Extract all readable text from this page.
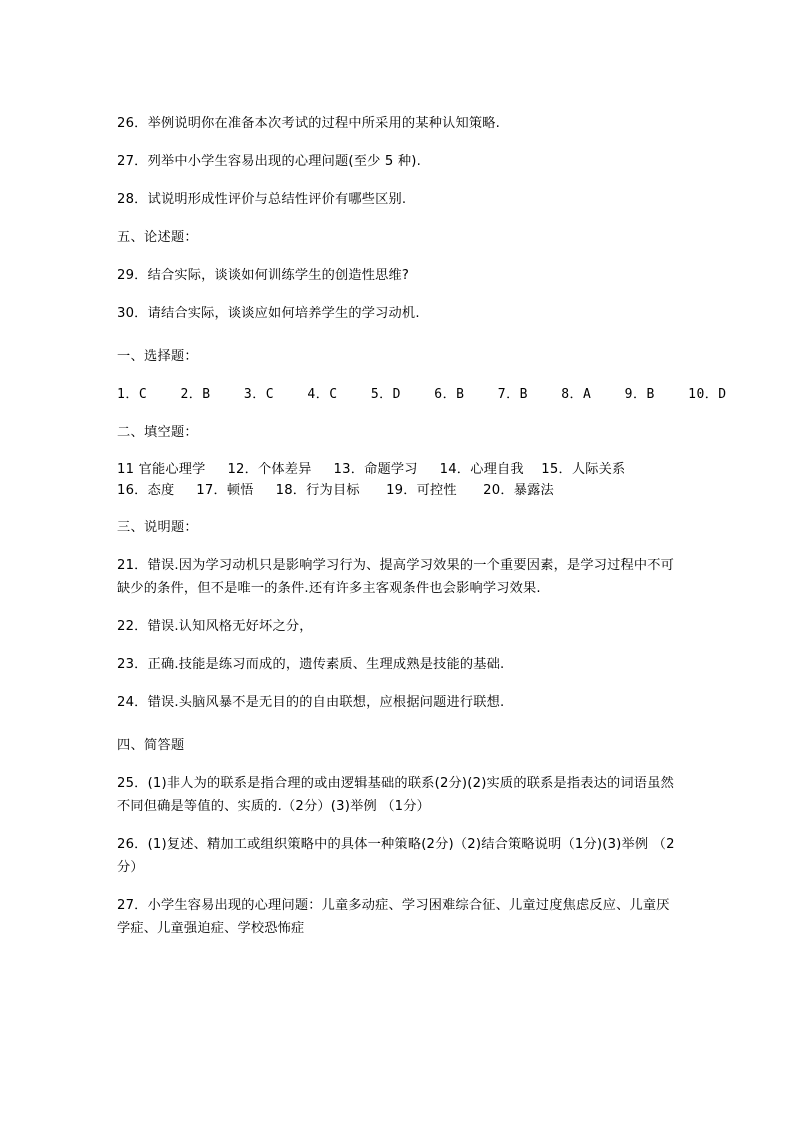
26．举例说明你在准备本次考试的过程中所采用的某种认知策略.

27．列举中小学生容易出现的心理问题(至少 5 种).

28．试说明形成性评价与总结性评价有哪些区别.

五、论述题：

29．结合实际，谈谈如何训练学生的创造性思维?

30．请结合实际，谈谈应如何培养学生的学习动机.

一、选择题：

1．C    2．B    3．C    4．C    5．D    6．B    7．B    8．A    9．B    10．D

二、填空题：

11 官能心理学     12．个体差异     13．命题学习     14．心理自我    15．人际关系
16．态度     17．顿悟     18．行为目标      19．可控性      20．暴露法

三、说明题：

21．错误.因为学习动机只是影响学习行为、提高学习效果的一个重要因素，是学习过程中不可缺少的条件，但不是唯一的条件.还有许多主客观条件也会影响学习效果.

22．错误.认知风格无好坏之分，

23．正确.技能是练习而成的，遗传素质、生理成熟是技能的基础.

24．错误.头脑风暴不是无目的的自由联想，应根据问题进行联想.

四、简答题

25．(1)非人为的联系是指合理的或由逻辑基础的联系(2分)(2)实质的联系是指表达的词语虽然不同但确是等值的、实质的.（2分）(3)举例 （1分）

26．(1)复述、精加工或组织策略中的具体一种策略(2分)（2)结合策略说明（1分)(3)举例 （2分）

27．小学生容易出现的心理问题：儿童多动症、学习困难综合征、儿童过度焦虑反应、儿童厌学症、儿童强迫症、学校恐怖症
